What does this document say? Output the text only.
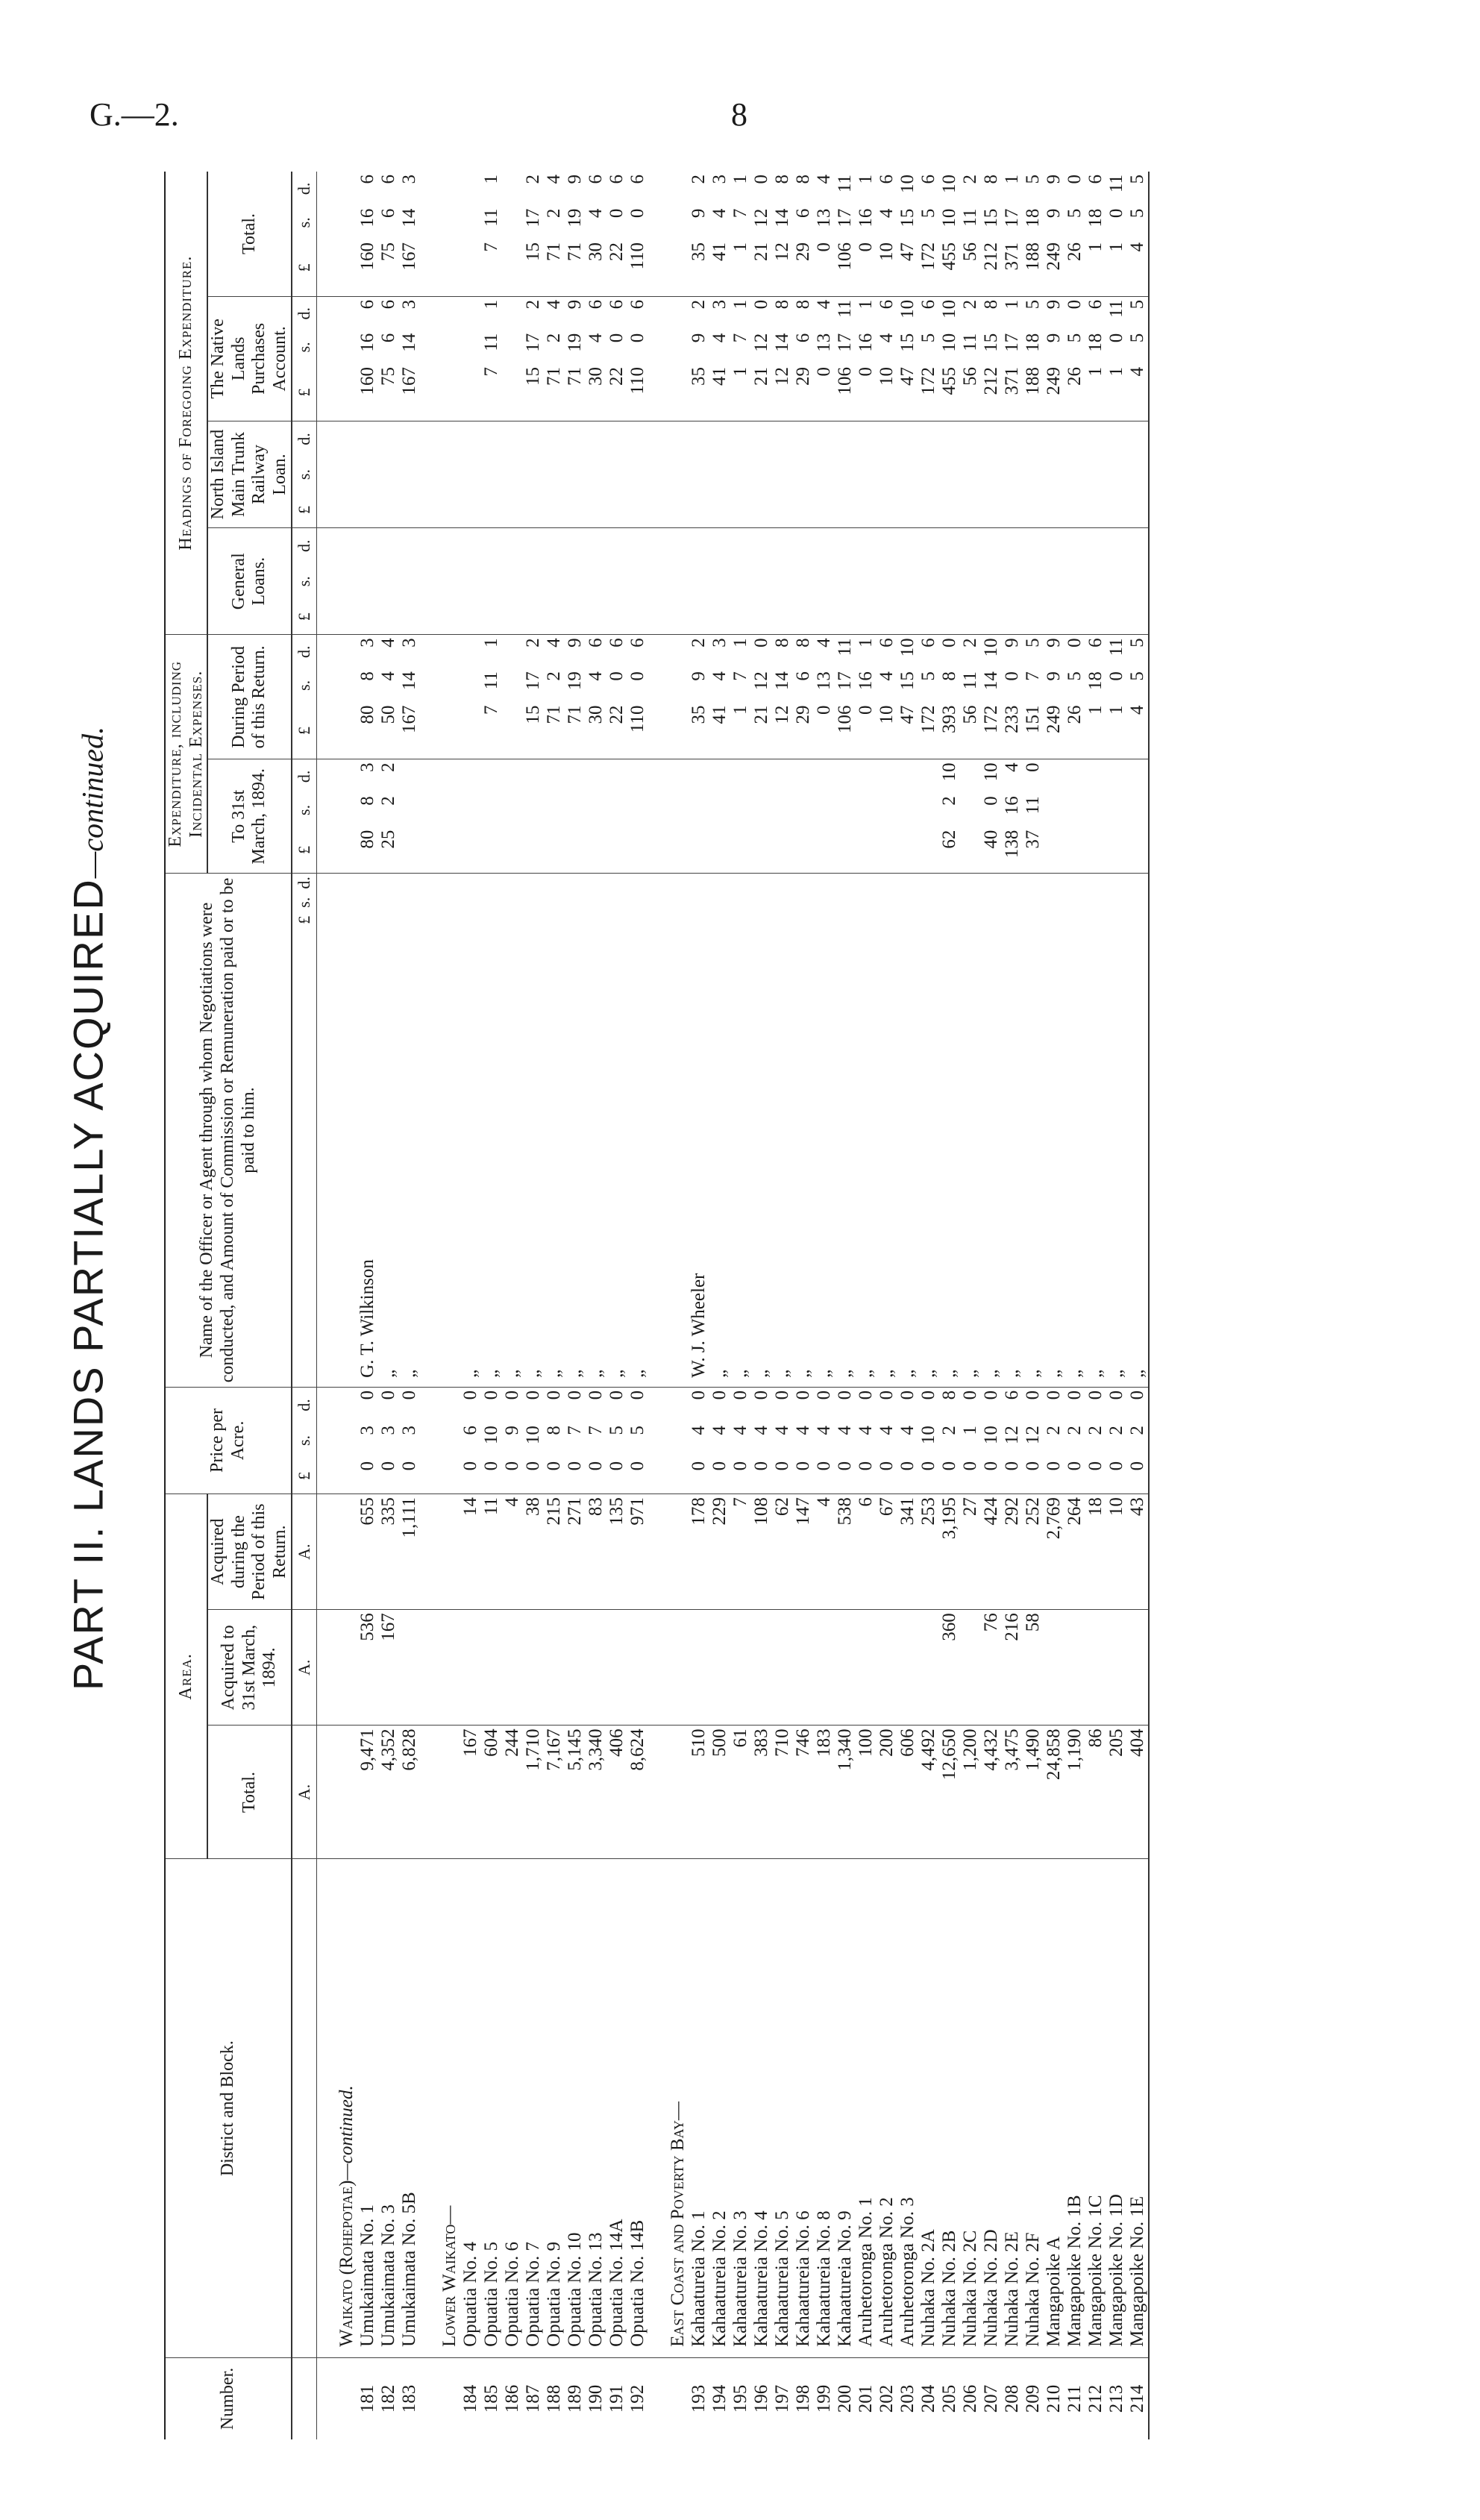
G.—2.	8
PART II. LANDS PARTIALLY ACQUIRED—continued.
Number.	District and Block.	Area.			Price per Acre.			Name of the Officer or Agent through whom Negotiations were conducted, and Amount of Commission or Remuneration paid or to be paid to him.	Expenditure, including Incidental Expenses.						Headings of Foregoing Expenditure.											
		Total.	Acquired to 31st March, 1894.	Acquired during the Period of this Return.					To 31st March, 1894.			During Period of this Return.			General Loans.			North Island Main Trunk Railway Loan.			The Native Lands Purchases Account.			Total.		
		A.	A.	A.	£	s.	d.	£  s.  d.	£	s.	d.	£	s.	d.	£	s.	d.	£	s.	d.	£	s.	d.	£	s.	d.
	Waikato (Rohepotae)—continued.																									
181	Umukaimata No. 1	9,471	536	655	0	3	0	G. T. Wilkinson	80	8	3	80	8	3							160	16	6	160	16	6
182	Umukaimata No. 3	4,352	167	335	0	3	0	„	25	2	2	50	4	4							75	6	6	75	6	6
183	Umukaimata No. 5B	6,828		1,111	0	3	0	„				167	14	3							167	14	3	167	14	3
	Lower Waikato—																									
184	Opuatia No. 4	167		14	0	6	0	„																		
185	Opuatia No. 5	604		11	0	10	0	„				7	11	1							7	11	1	7	11	1
186	Opuatia No. 6	244		4	0	9	0	„																		
187	Opuatia No. 7	1,710		38	0	10	0	„				15	17	2							15	17	2	15	17	2
188	Opuatia No. 9	7,167		215	0	8	0	„				71	2	4							71	2	4	71	2	4
189	Opuatia No. 10	5,145		271	0	7	0	„				71	19	9							71	19	9	71	19	9
190	Opuatia No. 13	3,340		83	0	7	0	„				30	4	6							30	4	6	30	4	6
191	Opuatia No. 14A	406		135	0	5	0	„				22	0	6							22	0	6	22	0	6
192	Opuatia No. 14B	8,624		971	0	5	0	„				110	0	6							110	0	6	110	0	6
	East Coast and Poverty Bay—																									
193	Kahaatureia No. 1	510		178	0	4	0	W. J. Wheeler				35	9	2							35	9	2	35	9	2
194	Kahaatureia No. 2	500		229	0	4	0	„				41	4	3							41	4	3	41	4	3
195	Kahaatureia No. 3	61		7	0	4	0	„				1	7	1							1	7	1	1	7	1
196	Kahaatureia No. 4	383		108	0	4	0	„				21	12	0							21	12	0	21	12	0
197	Kahaatureia No. 5	710		62	0	4	0	„				12	14	8							12	14	8	12	14	8
198	Kahaatureia No. 6	746		147	0	4	0	„				29	6	8							29	6	8	29	6	8
199	Kahaatureia No. 8	183		4	0	4	0	„				0	13	4							0	13	4	0	13	4
200	Kahaatureia No. 9	1,340		538	0	4	0	„				106	17	11							106	17	11	106	17	11
201	Aruhetoronga No. 1	100		6	0	4	0	„				0	16	1							0	16	1	0	16	1
202	Aruhetoronga No. 2	200		67	0	4	0	„				10	4	6							10	4	6	10	4	6
203	Aruhetoronga No. 3	606		341	0	4	0	„				47	15	10							47	15	10	47	15	10
204	Nuhaka No. 2A	4,492		253	0	10	0	„				172	5	6							172	5	6	172	5	6
205	Nuhaka No. 2B	12,650	360	3,195	0	2	8	„	62	2	10	393	8	0							455	10	10	455	10	10
206	Nuhaka No. 2C	1,200		27	0	1	0	„				56	11	2							56	11	2	56	11	2
207	Nuhaka No. 2D	4,432	76	424	0	10	0	„	40	0	10	172	14	10							212	15	8	212	15	8
208	Nuhaka No. 2E	3,475	216	292	0	12	6	„	138	16	4	233	0	9							371	17	1	371	17	1
209	Nuhaka No. 2F	1,490	58	252	0	12	0	„	37	11	0	151	7	5							188	18	5	188	18	5
210	Mangapoike A	24,858		2,769	0	2	0	„				249	9	9							249	9	9	249	9	9
211	Mangapoike No. 1B	1,190		264	0	2	0	„				26	5	0							26	5	0	26	5	0
212	Mangapoike No. 1C	86		18	0	2	0	„				1	18	6							1	18	6	1	18	6
213	Mangapoike No. 1D	205		10	0	2	0	„				1	0	11							1	0	11	1	0	11
214	Mangapoike No. 1E	404		43	0	2	0	„				4	5	5							4	5	5	4	5	5
